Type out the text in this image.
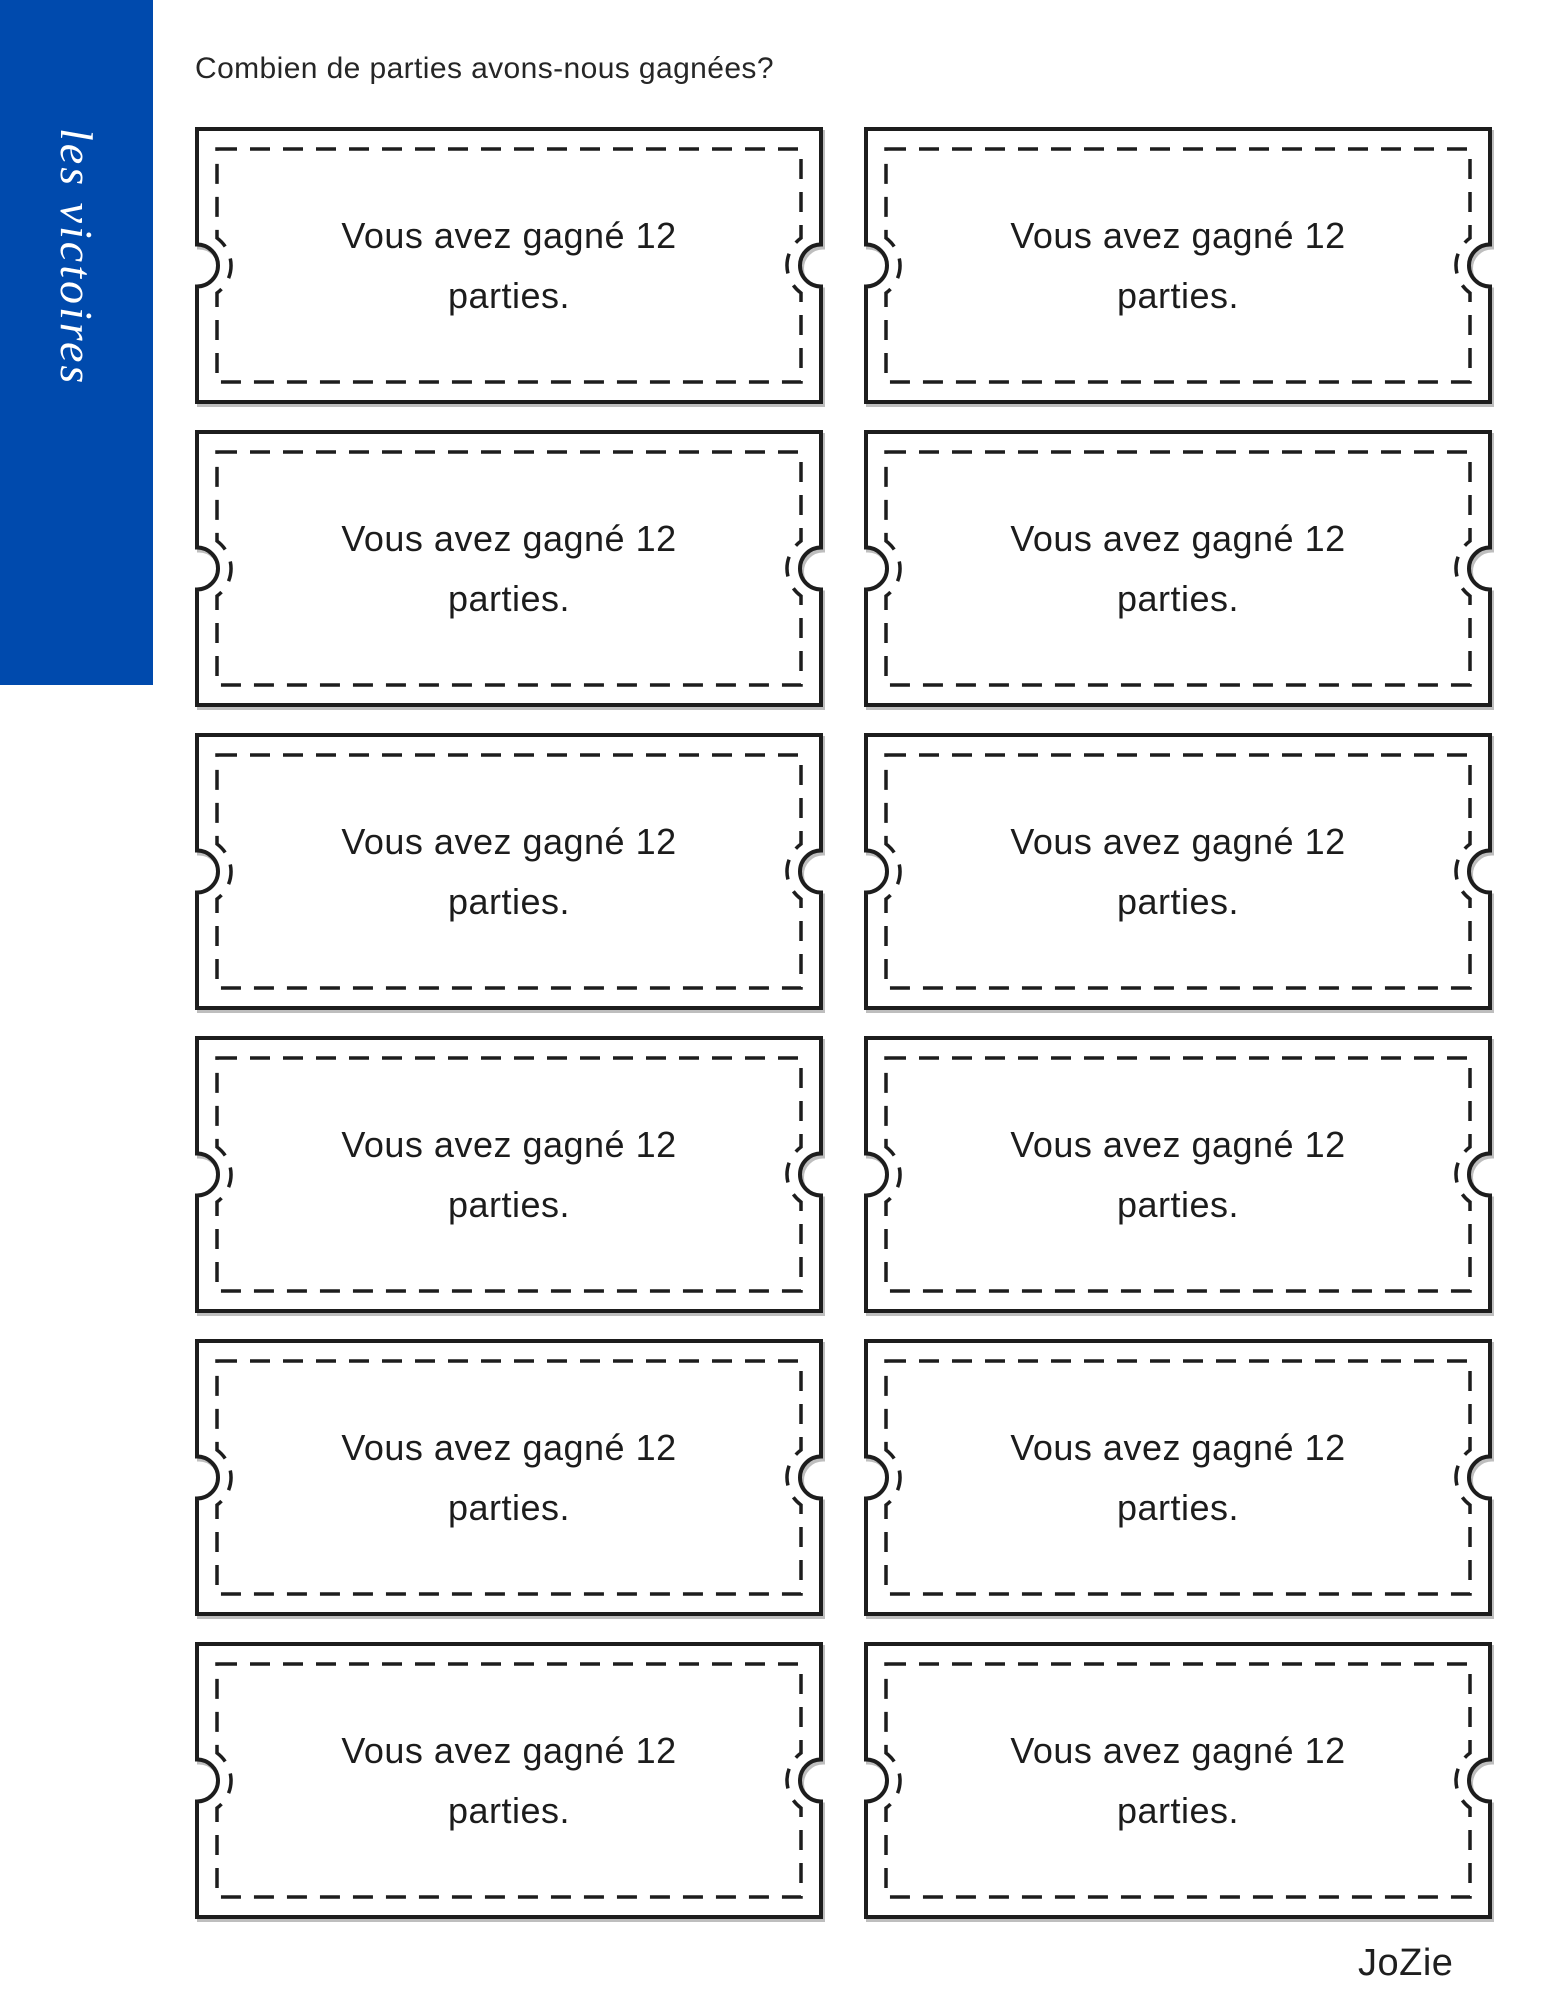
les victoires
Combien de parties avons-nous gagnées?
Vous avez gagné 12
parties.
Vous avez gagné 12
parties.
Vous avez gagné 12
parties.
Vous avez gagné 12
parties.
Vous avez gagné 12
parties.
Vous avez gagné 12
parties.
Vous avez gagné 12
parties.
Vous avez gagné 12
parties.
Vous avez gagné 12
parties.
Vous avez gagné 12
parties.
Vous avez gagné 12
parties.
Vous avez gagné 12
parties.
JoZie
